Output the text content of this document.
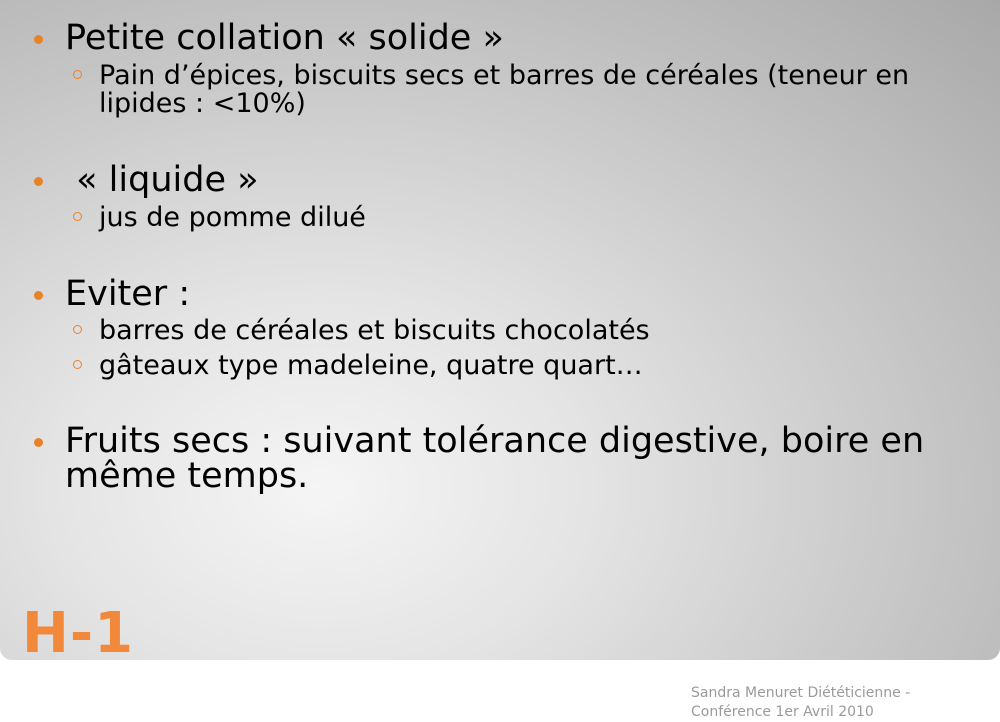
Petite collation « solide »
Pain d’épices, biscuits secs et barres de céréales (teneur en lipides : <10%)
« liquide »
jus de pomme dilué
Eviter :
barres de céréales et biscuits chocolatés
gâteaux type madeleine, quatre quart…
Fruits secs : suivant tolérance digestive, boire en même temps.
H-1
Sandra Menuret Diététicienne -
Conférence 1er Avril 2010
